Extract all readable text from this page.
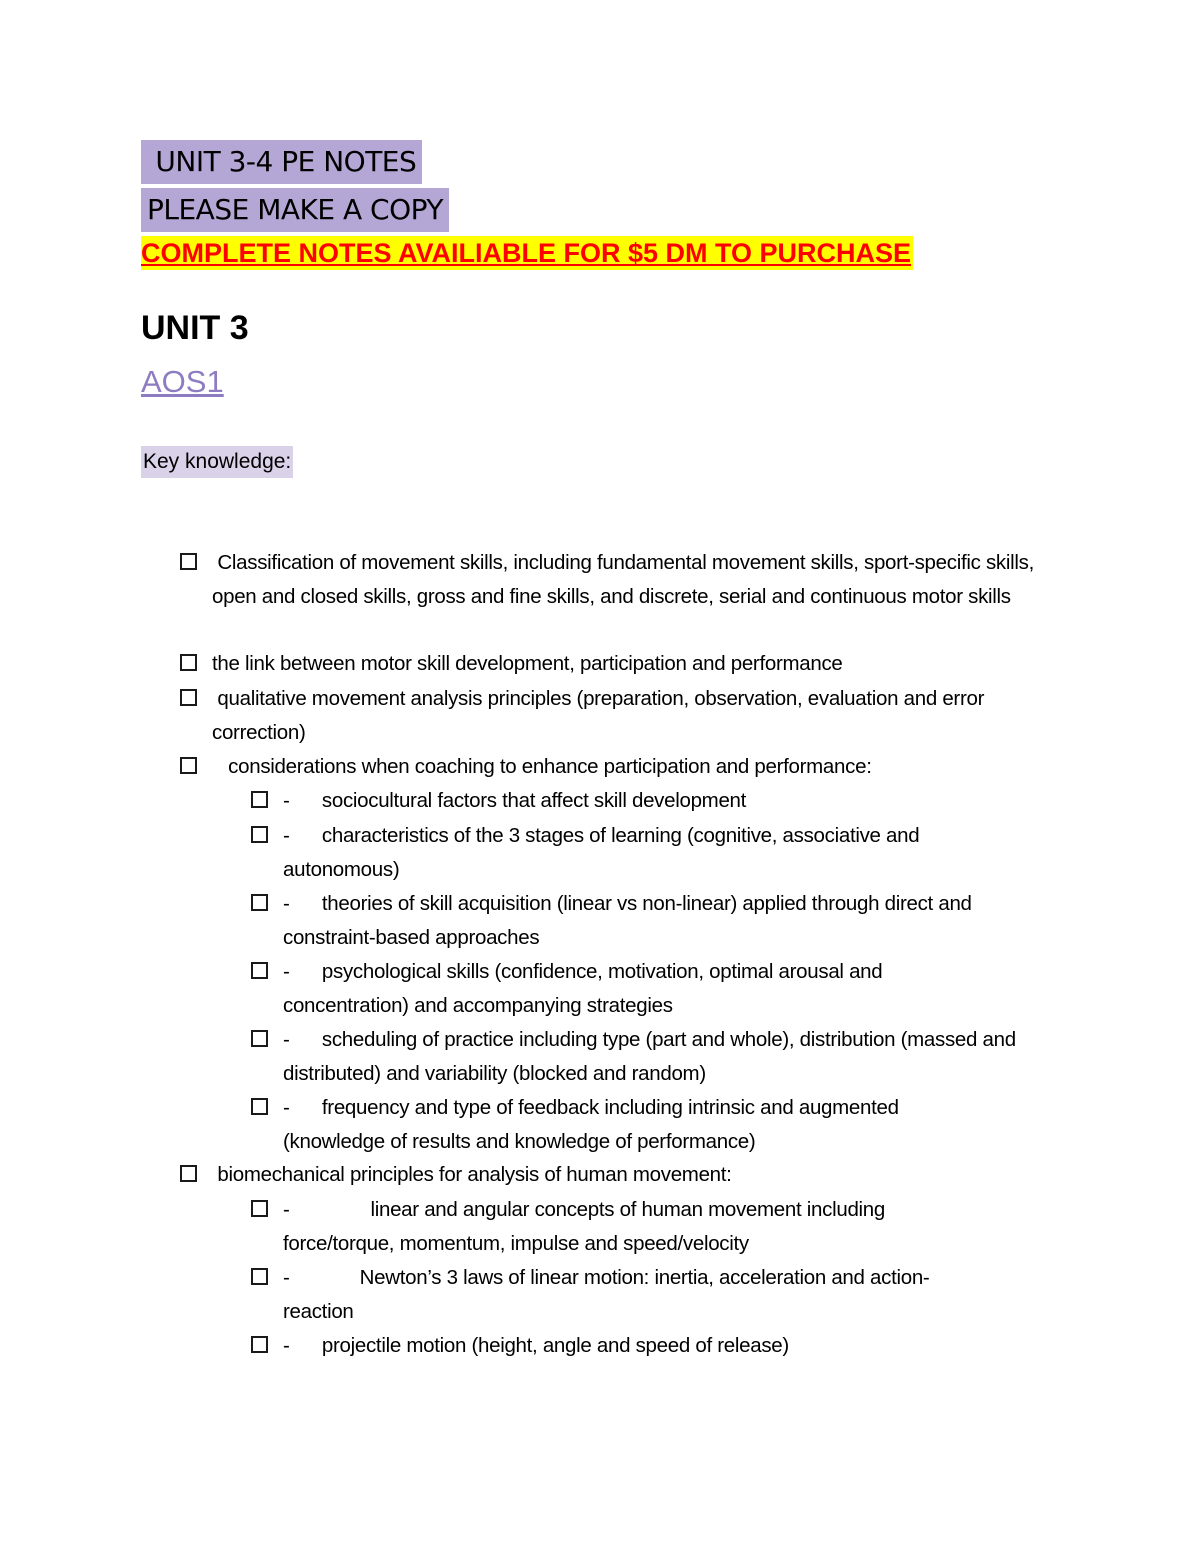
UNIT 3-4 PE NOTES
PLEASE MAKE A COPY
COMPLETE NOTES AVAILIABLE FOR $5 DM TO PURCHASE
UNIT 3
AOS1
Key knowledge:
Classification of movement skills, including fundamental movement skills, sport-specific skills, open and closed skills, gross and fine skills, and discrete, serial and continuous motor skills
the link between motor skill development, participation and performance
qualitative movement analysis principles (preparation, observation, evaluation and error correction)
considerations when coaching to enhance participation and performance:
-      sociocultural factors that affect skill development
-      characteristics of the 3 stages of learning (cognitive, associative and autonomous)
-      theories of skill acquisition (linear vs non-linear) applied through direct and constraint-based approaches
-      psychological skills (confidence, motivation, optimal arousal and concentration) and accompanying strategies
-      scheduling of practice including type (part and whole), distribution (massed and distributed) and variability (blocked and random)
-      frequency and type of feedback including intrinsic and augmented (knowledge of results and knowledge of performance)
biomechanical principles for analysis of human movement:
-               linear and angular concepts of human movement including force/torque, momentum, impulse and speed/velocity
-             Newton’s 3 laws of linear motion: inertia, acceleration and action-reaction
-      projectile motion (height, angle and speed of release)
